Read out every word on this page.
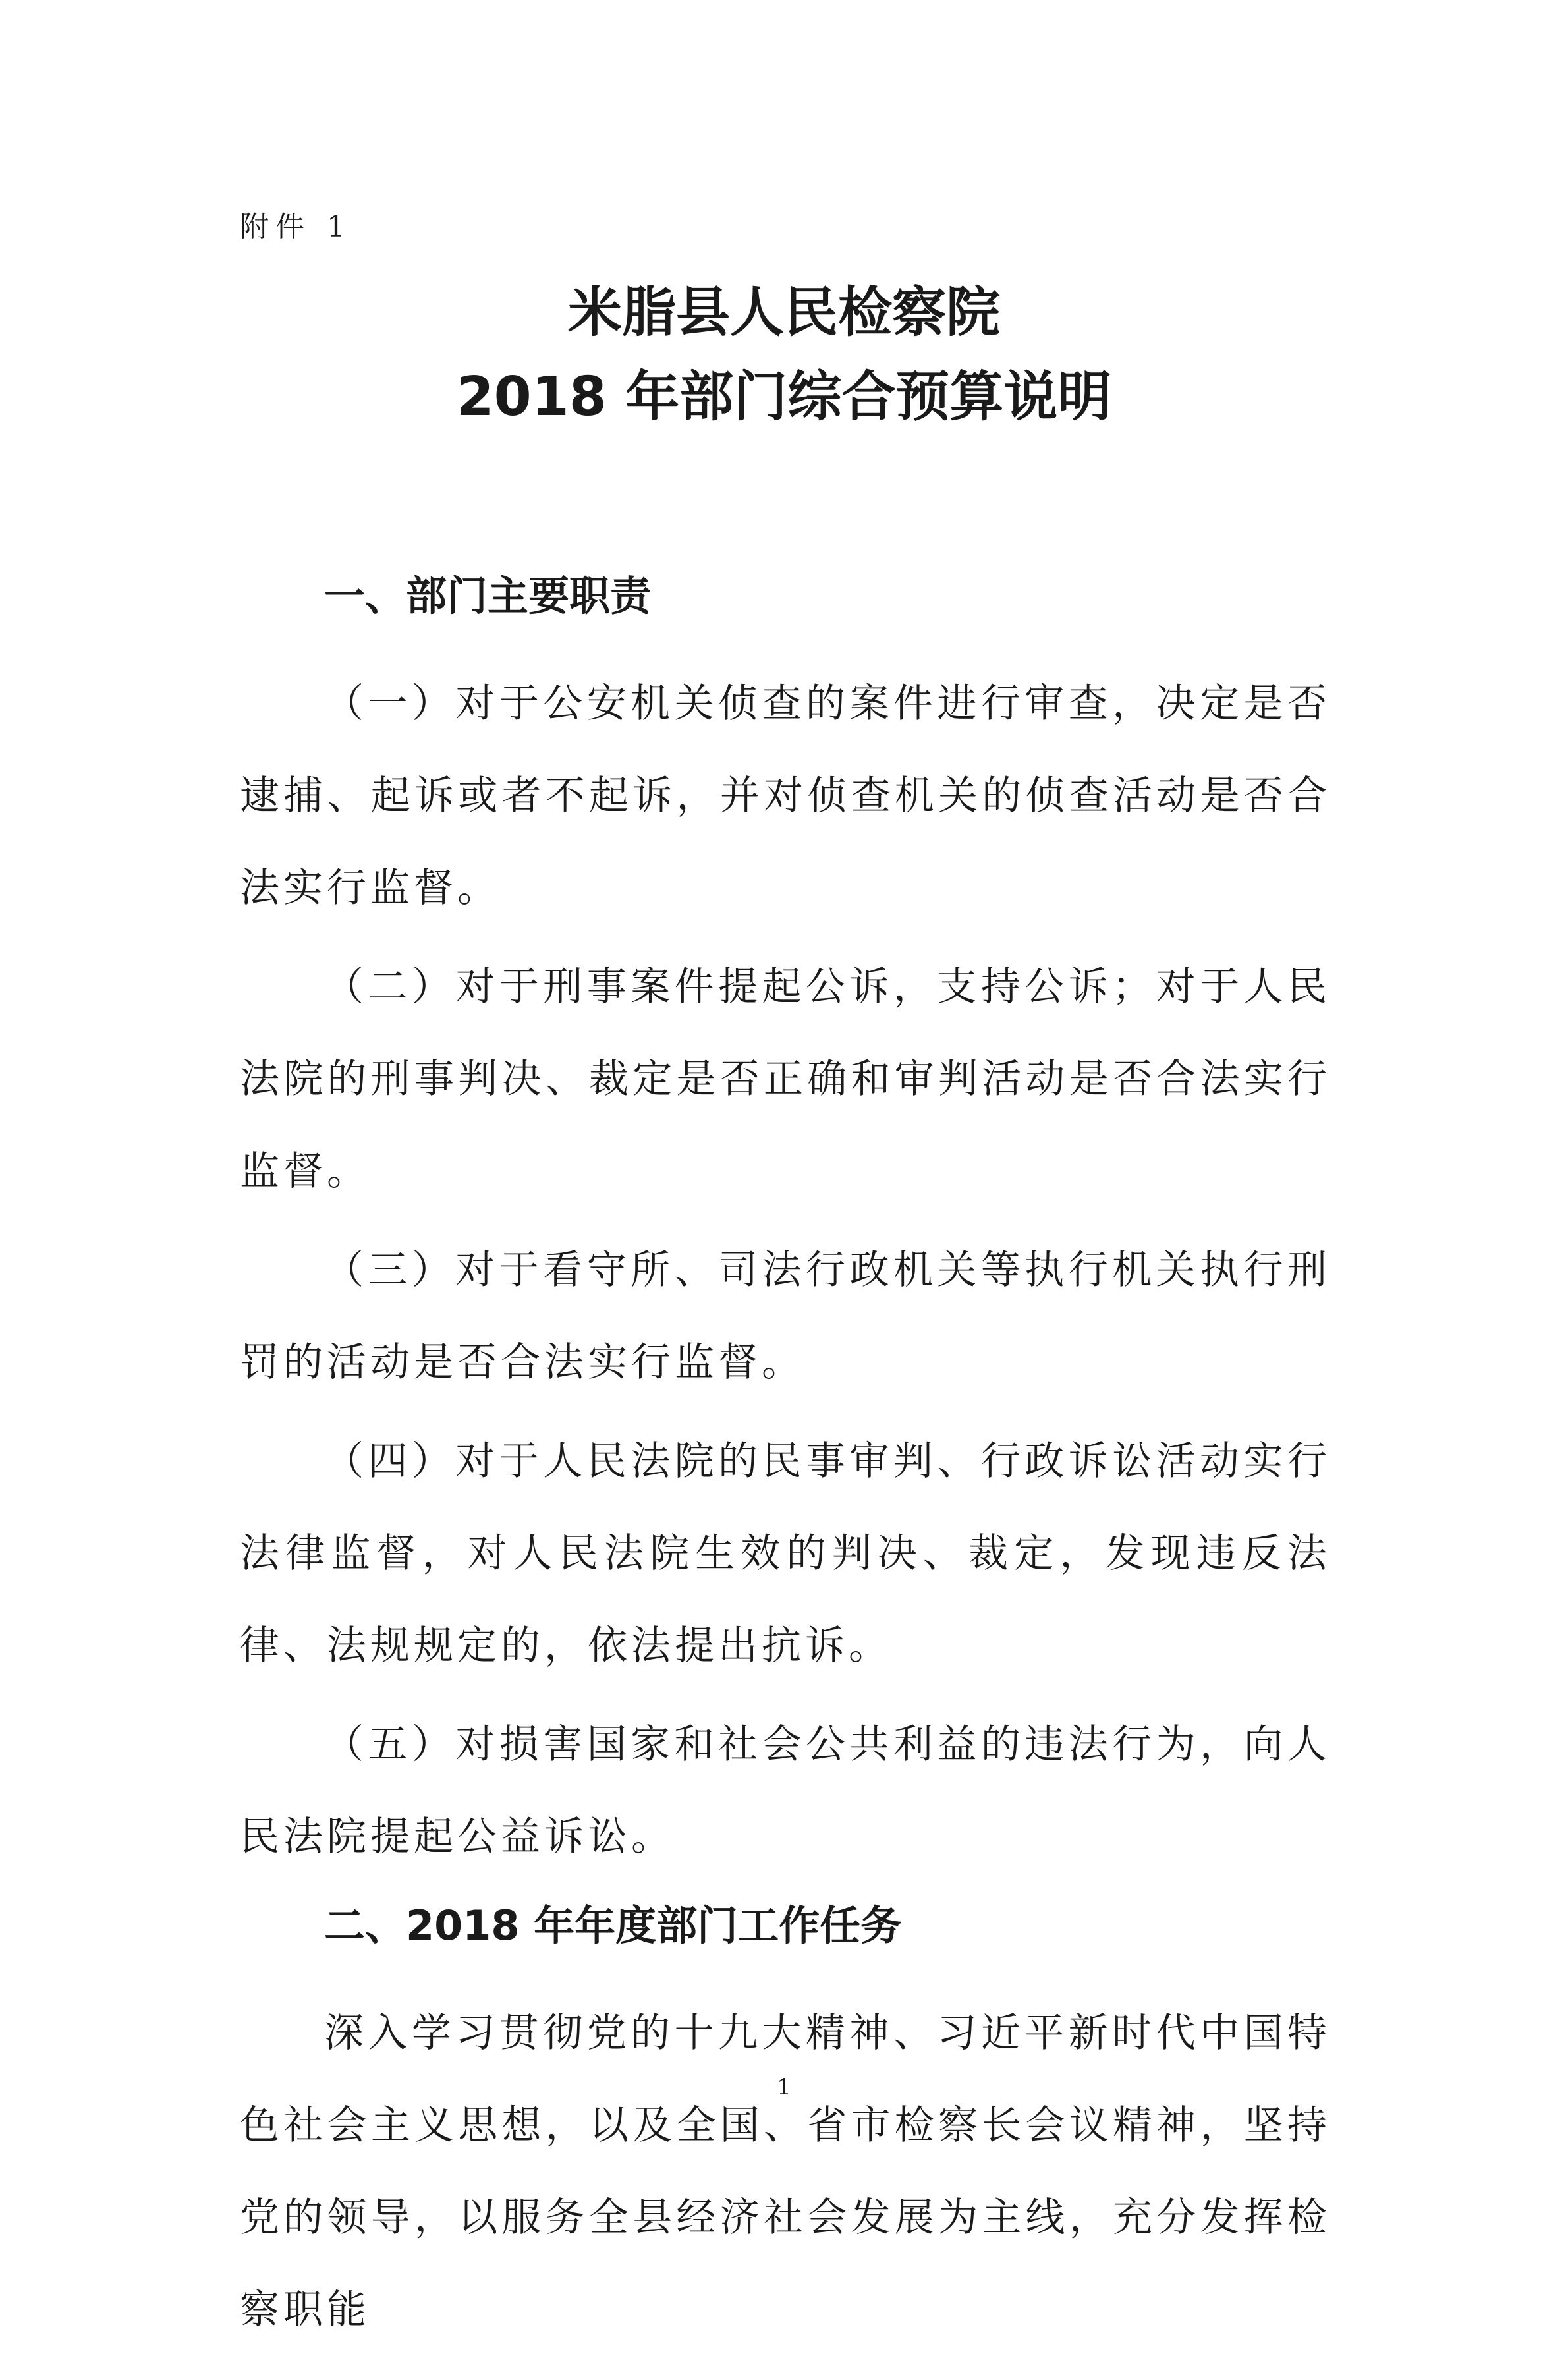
附件 1
米脂县人民检察院
2018 年部门综合预算说明
一、部门主要职责

（一）对于公安机关侦查的案件进行审查，决定是否逮捕、起诉或者不起诉，并对侦查机关的侦查活动是否合法实行监督。

（二）对于刑事案件提起公诉，支持公诉；对于人民法院的刑事判决、裁定是否正确和审判活动是否合法实行监督。

（三）对于看守所、司法行政机关等执行机关执行刑罚的活动是否合法实行监督。

（四）对于人民法院的民事审判、行政诉讼活动实行法律监督，对人民法院生效的判决、裁定，发现违反法律、法规规定的，依法提出抗诉。

（五）对损害国家和社会公共利益的违法行为，向人民法院提起公益诉讼。

二、2018 年年度部门工作任务

深入学习贯彻党的十九大精神、习近平新时代中国特色社会主义思想，以及全国、省市检察长会议精神，坚持党的领导，以服务全县经济社会发展为主线，充分发挥检察职能

1
